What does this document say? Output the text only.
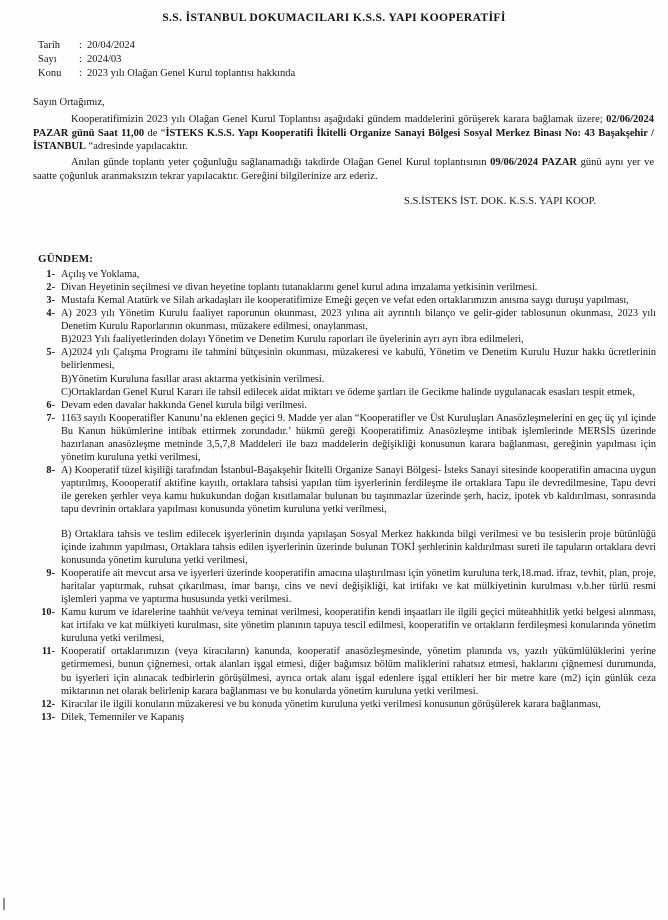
S.S. İSTANBUL DOKUMACILARI K.S.S. YAPI KOOPERATİFİ
Tarih : 20/04/2024
Sayı : 2024/03
Konu : 2023 yılı Olağan Genel Kurul toplantısı hakkında
Sayın Ortağımız,

Kooperatifimizin 2023 yılı Olağan Genel Kurul Toplantısı aşağıdaki gündem maddelerini görüşerek karara bağlamak üzere; 02/06/2024 PAZAR günü Saat 11,00 de “İSTEKS K.S.S. Yapı Kooperatifi İkitelli Organize Sanayi Bölgesi Sosyal Merkez Binası No: 43 Başakşehir / İSTANBUL “adresinde yapılacaktır.

Anılan günde toplantı yeter çoğunluğu sağlanamadığı takdirde Olağan Genel Kurul toplantısının 09/06/2024 PAZAR günü aynı yer ve saatte çoğunluk aranmaksızın tekrar yapılacaktır. Gereğini bilgilerinize arz ederiz.

S.S.İSTEKS İST. DOK. K.S.S. YAPI KOOP.
GÜNDEM:
1- Açılış ve Yoklama,

2- Divan Heyetinin seçilmesi ve divan heyetine toplantı tutanaklarını genel kurul adına imzalama yetkisinin verilmesi.

3- Mustafa Kemal Atatürk ve Silah arkadaşları ile kooperatifimize Emeği geçen ve vefat eden ortaklarımızın anısına saygı duruşu yapılması,

4- A) 2023 yılı Yönetim Kurulu faaliyet raporunun okunması, 2023 yılına ait ayrıntılı bilanço ve gelir-gider tablosunun okunması, 2023 yılı Denetim Kurulu Raporlarının okunması, müzakere edilmesi, onaylanması,

B)2023 Yılı faaliyetlerinden dolayı Yönetim ve Denetim Kurulu raporları ile üyelerinin ayrı ayrı ibra edilmeleri,

5- A)2024 yılı Çalışma Programı ile tahmini bütçesinin okunması, müzakeresi ve kabulü, Yönetim ve Denetim Kurulu Huzur hakkı ücretlerinin belirlenmesi,

B)Yönetim Kuruluna fasıllar arası aktarma yetkisinin verilmesi.

C)Ortaklardan Genel Kurul Kararı ile tahsil edilecek aidat miktarı ve ödeme şartları ile Gecikme halinde uygulanacak esasları tespit etmek,

6- Devam eden davalar hakkında Genel kurula bilgi verilmesi.

7- 1163 sayılı Kooperatifler Kanunu’na eklenen geçici 9. Madde yer alan “Kooperatifler ve Üst Kuruluşları Anasözleşmelerini en geç üç yıl içinde Bu Kanun hükümlerine intibak ettirmek zorundadır.’ hükmü gereği Kooperatifimiz Anasözleşme intibak işlemlerinde MERSİS üzerinde hazırlanan anasözleşme metninde 3,5,7,8 Maddeleri ile bazı maddelerin değişikliği konusunun karara bağlanması, gereğinin yapılması için yönetim kuruluna yetki verilmesi,

8- A) Kooperatif tüzel kişiliği tarafından İstanbul-Başakşehir İkitelli Organize Sanayi Bölgesi- İsteks Sanayi sitesinde kooperatifin amacına uygun yaptırılmış, Koooperatif aktifine kayıtlı, ortaklara tahsisi yapılan tüm işyerlerinin ferdileşme ile ortaklara Tapu ile devredilmesine, Tapu devri ile gereken şerhler veya kamu hukukundan doğan kısıtlamalar bulunan bu taşınmazlar üzerinde şerh, haciz, ipotek vb kaldırılması, sonrasında tapu devrinin ortaklara yapılması konusunda yönetim kuruluna yetki verilmesi,

B) Ortaklara tahsis ve teslim edilecek işyerlerinin dışında yapılaşan Sosyal Merkez hakkında bilgi verilmesi ve bu tesislerin proje bütünlüğü içinde izahının yapılması, Ortaklara tahsis edilen işyerlerinin üzerinde bulunan TOKİ şerhlerinin kaldırılması sureti ile tapuların ortaklara devri konusunda yönetim kuruluna yetki verilmesi,

9- Kooperatife ait mevcut arsa ve işyerleri üzerinde kooperatifin amacına ulaştırılması için yönetim kuruluna terk,18.mad. ifraz, tevhit, plan, proje, haritalar yaptırmak, ruhsat çıkarılması, imar barışı, cins ve nevi değişikliği, kat irtifakı ve kat mülkiyetinin kurulması v.b.her türlü resmi işlemleri yapma ve yaptırma hususunda yetki verilmesi.

10- Kamu kurum ve idarelerine taahhüt ve/veya teminat verilmesi, kooperatifin kendi inşaatları ile ilgili geçici müteahhitlik yetki belgesi alınması, kat irtifakı ve kat mülkiyeti kurulması, site yönetim planının tapuya tescil edilmesi, kooperatifin ve ortakların ferdileşmesi konularında yönetim kuruluna yetki verilmesi,

11- Kooperatif ortaklarımızın (veya kiracıların) kanunda, kooperatif anasözleşmesinde, yönetim planında vs, yazılı yükümlülüklerini yerine getirmemesi, bunun çiğnemesi, ortak alanları işgal etmesi, diğer bağımsız bölüm maliklerini rahatsız etmesi, haklarını çiğnemesi durumunda, bu işyerleri için alınacak tedbirlerin görüşülmesi, ayrıca ortak alanı işgal edenlere işgal ettikleri her bir metre kare (m2) için günlük ceza miktarının net olarak belirlenip karara bağlanması ve bu konularda yönetim kuruluna yetki verilmesi.

12- Kiracılar ile ilgili konuların müzakeresi ve bu konuda yönetim kuruluna yetki verilmesi konusunun görüşülerek karara bağlanması,

13- Dilek, Temenniler ve Kapanış
